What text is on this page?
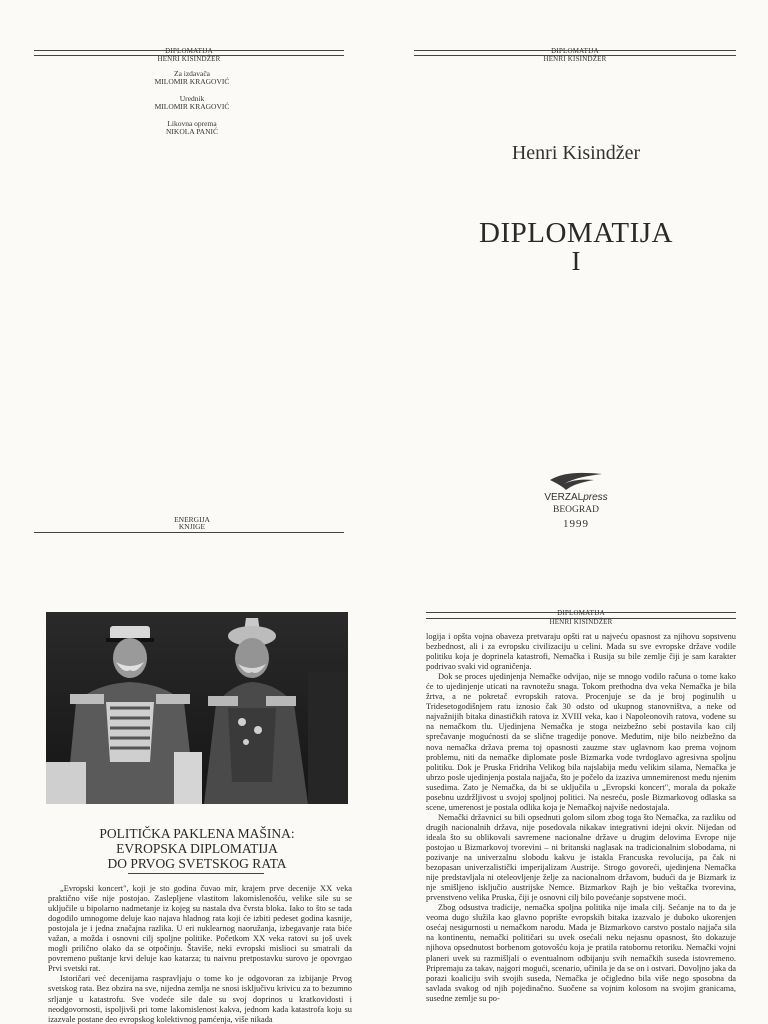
DIPLOMATIJA
HENRI KISINDŽER
Za izdavača
MILOMIR KRAGOVIĆ
Urednik
MILOMIR KRAGOVIĆ
Likovna oprema
NIKOLA PANIĆ
ENERGIJA
KNJIGE
DIPLOMATIJA
HENRI KISINDŽER
Henri Kisindžer
DIPLOMATIJA
I
VERZALpress
BEOGRAD
1999
POLITIČKA PAKLENA MAŠINA:
EVROPSKA DIPLOMATIJA
DO PRVOG SVETSKOG RATA

„Evropski koncert", koji je sto godina čuvao mir, krajem prve decenije XX veka praktično više nije postojao. Zaslepljene vlastitom lakomislenošću, velike sile su se uključile u bipolarno nadmetanje iz kojeg su nastala dva čvrsta bloka. Iako to što se tada dogodilo umnogome deluje kao najava hladnog rata koji će izbiti pedeset godina kasnije, postojala je i jedna značajna razlika. U eri nuklearnog naoružanja, izbegavanje rata biće važan, a možda i osnovni cilj spoljne politike. Početkom XX veka ratovi su još uvek mogli prilično olako da se otpočinju. Štaviše, neki evropski mislioci su smatrali da povremeno puštanje krvi deluje kao katarza; tu naivnu pretpostavku surovo je opovrgao Prvi svetski rat.

Istoričari već decenijama raspravljaju o tome ko je odgovoran za izbijanje Prvog svetskog rata. Bez obzira na sve, nijedna zemlja ne snosi isključivu krivicu za to bezumno srljanje u katastrofu. Sve vodeće sile dale su svoj doprinos u kratkovidosti i neodgovornosti, ispoljivši pri tome lakomislenost kakva, jednom kada katastrofa koju su izazvale postane deo evropskog kolektivnog pamćenja, više nikada

DIPLOMATIJA
HENRI KISINDŽER

logija i opšta vojna obaveza pretvaraju opšti rat u najveću opasnost za njihovu sopstvenu bezbednost, ali i za evropsku civilizaciju u celini. Mada su sve evropske države vodile politiku koja je doprinela katastrofi, Nemačka i Rusija su bile zemlje čiji je sam karakter podrivao svaki vid ograničenja.

Dok se proces ujedinjenja Nemačke odvijao, nije se mnogo vodilo računa o tome kako će to ujedinjenje uticati na ravnotežu snaga. Tokom prethodna dva veka Nemačka je bila žrtva, a ne pokretač evropskih ratova. Procenjuje se da je broj poginulih u Tridesetogodišnjem ratu iznosio čak 30 odsto od ukupnog stanovništva, a neke od najvažnijih bitaka dinastičkih ratova iz XVIII veka, kao i Napoleonovih ratova, vođene su na nemačkom tlu. Ujedinjena Nemačka je stoga neizbežno sebi postavila kao cilj sprečavanje mogućnosti da se slične tragedije ponove. Međutim, nije bilo neizbežno da nova nemačka država prema toj opasnosti zauzme stav uglavnom kao prema vojnom problemu, niti da nemačke diplomate posle Bizmarka vode tvrdoglavo agresivna spoljnu politiku. Dok je Pruska Fridriha Velikog bila najslabija među velikim silama, Nemačka je ubrzo posle ujedinjenja postala najjača, što je počelo da izaziva umnemirenost među njenim susedima. Zato je Nemačka, da bi se uključila u „Evropski koncert", morala da pokaže posebnu uzdržljivost u svojoj spoljnoj politici. Na nesreću, posle Bizmarkovog odlaska sa scene, umerenost je postala odlika koja je Nemačkoj najviše nedostajala.

Nemački državnici su bili opsednuti golom silom zbog toga što Nemačka, za razliku od drugih nacionalnih država, nije posedovala nikakav integrativni idejni okvir. Nijedan od ideala što su oblikovali savremene nacionalne države u drugim delovima Evrope nije postojao u Bizmarkovoj tvorevini – ni britanski naglasak na tradicionalnim slobodama, ni pozivanje na univerzalnu slobodu kakvu je istakla Francuska revolucija, pa čak ni bezopasan univerzalistički imperijalizam Austrije. Strogo govoreći, ujedinjena Nemačka nije predstavljala ni oteleovljenje želje za nacionalnom državom, budući da je Bizmark iz nje smišljeno isključio austrijske Nemce. Bizmarkov Rajh je bio veštačka tvorevina, prvenstveno velika Pruska, čiji je osnovni cilj bilo povećanje sopstvene moći.

Zbog odsustva tradicije, nemačka spoljna politika nije imala cilj. Sećanje na to da je veoma dugo služila kao glavno poprište evropskih bitaka izazvalo je duboko ukorenjen osećaj nesigurnosti u nemačkom narodu. Mada je Bizmarkovo carstvo postalo najjača sila na kontinentu, nemački političari su uvek osećali neku nejasnu opasnost, što dokazuje njihova opsednutost borbenom gotovošću koja je pratila ratobornu retoriku. Nemački vojni planeri uvek su razmišljali o eventualnom odbijanju svih nemačkih suseda istovremeno. Pripremaju za takav, najgori mogući, scenario, učinila je da se on i ostvari. Dovoljno jaka da porazi koaliciju svih svojih suseda, Nemačka je očigledno bila više nego sposobna da savlada svakog od njih pojedinačno. Suočene sa vojnim kolosom na svojim granicama, susedne zemlje su po-
